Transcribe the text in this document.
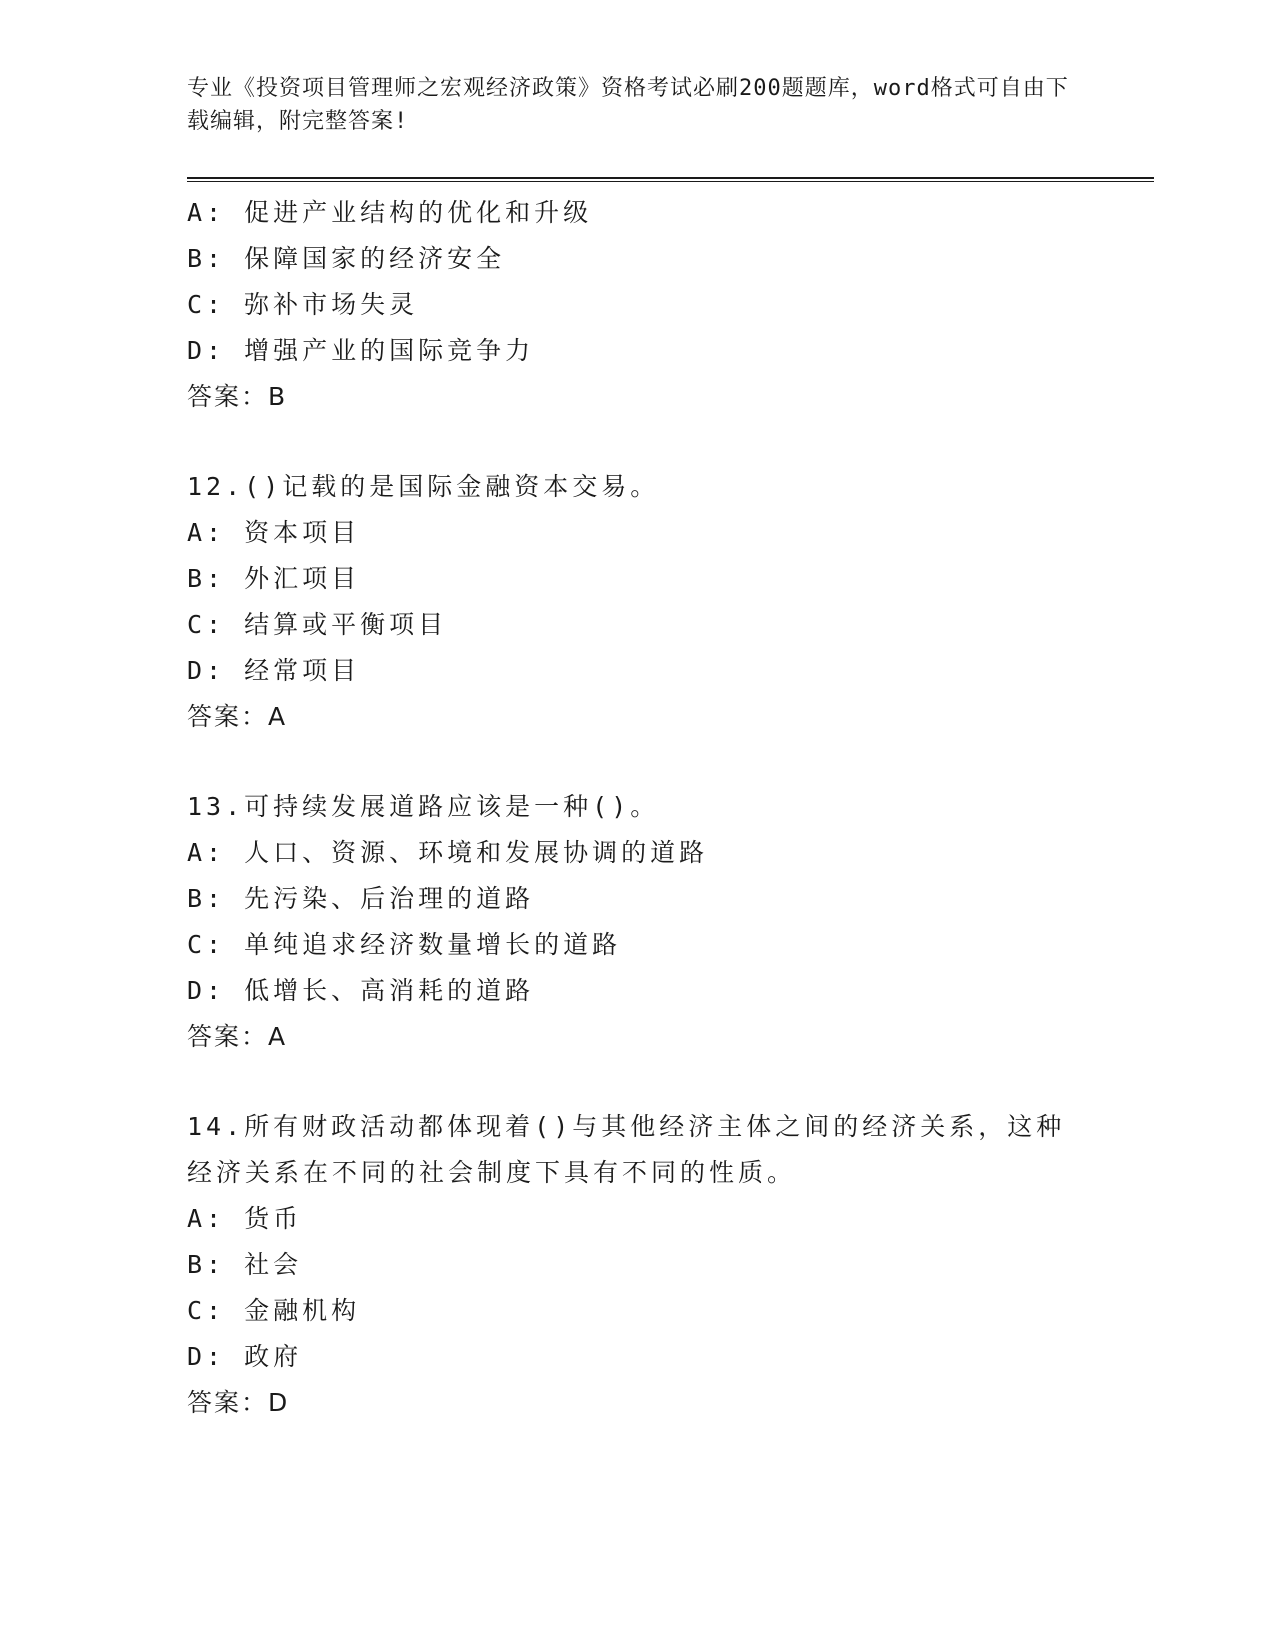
专业《投资项目管理师之宏观经济政策》资格考试必刷200题题库，word格式可自由下载编辑，附完整答案!
A: 促进产业结构的优化和升级
B: 保障国家的经济安全
C: 弥补市场失灵
D: 增强产业的国际竞争力
答案：B
12.()记载的是国际金融资本交易。
A: 资本项目
B: 外汇项目
C: 结算或平衡项目
D: 经常项目
答案：A
13.可持续发展道路应该是一种()。
A: 人口、资源、环境和发展协调的道路
B: 先污染、后治理的道路
C: 单纯追求经济数量增长的道路
D: 低增长、高消耗的道路
答案：A
14.所有财政活动都体现着()与其他经济主体之间的经济关系，这种经济关系在不同的社会制度下具有不同的性质。
A: 货币
B: 社会
C: 金融机构
D: 政府
答案：D
